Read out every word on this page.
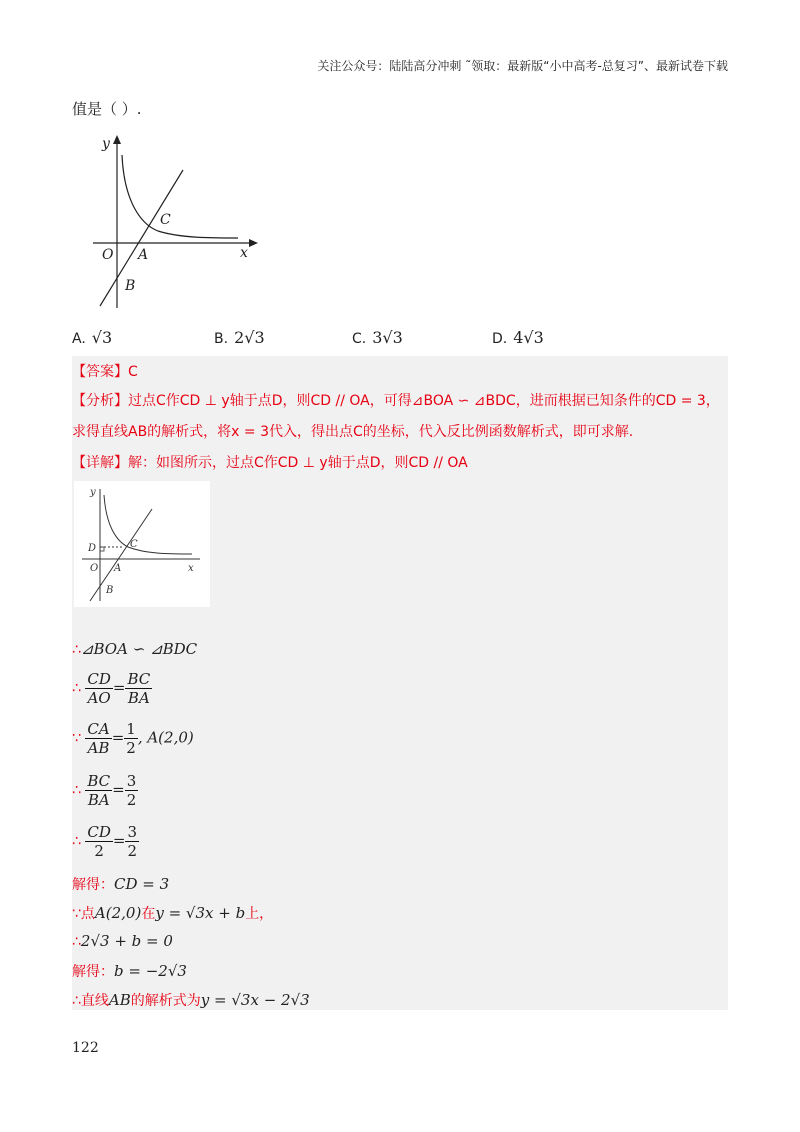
关注公众号：陆陆高分冲刺 ˜领取：最新版“小中高考-总复习”、最新试卷下载
值是（ ）.
y
x
O A
B
C
A. √3	B. 2√3	C. 3√3	D. 4√3
【答案】C
【分析】过点C作CD ⊥ y轴于点D，则CD // OA，可得⊿BOA ∽ ⊿BDC，进而根据已知条件的CD = 3，
求得直线AB的解析式，将x = 3代入，得出点C的坐标，代入反比例函数解析式，即可求解.
【详解】解：如图所示，过点C作CD ⊥ y轴于点D，则CD // OA
y
x
O A
B
C
D
∴⊿BOA ∽ ⊿BDC
∴ $\frac{CD}{AO} = \frac{BC}{BA}$
∵ $\frac{CA}{AB} = \frac{1}{2}$ , A(2,0)
∴ $\frac{BC}{BA} = \frac{3}{2}$
∴ $\frac{CD}{2} = \frac{3}{2}$
解得：CD = 3
∵点A(2,0)在y = √3x + b上，
∴2√3 + b = 0
解得：b = −2√3
∴直线AB的解析式为y = √3x − 2√3
122
